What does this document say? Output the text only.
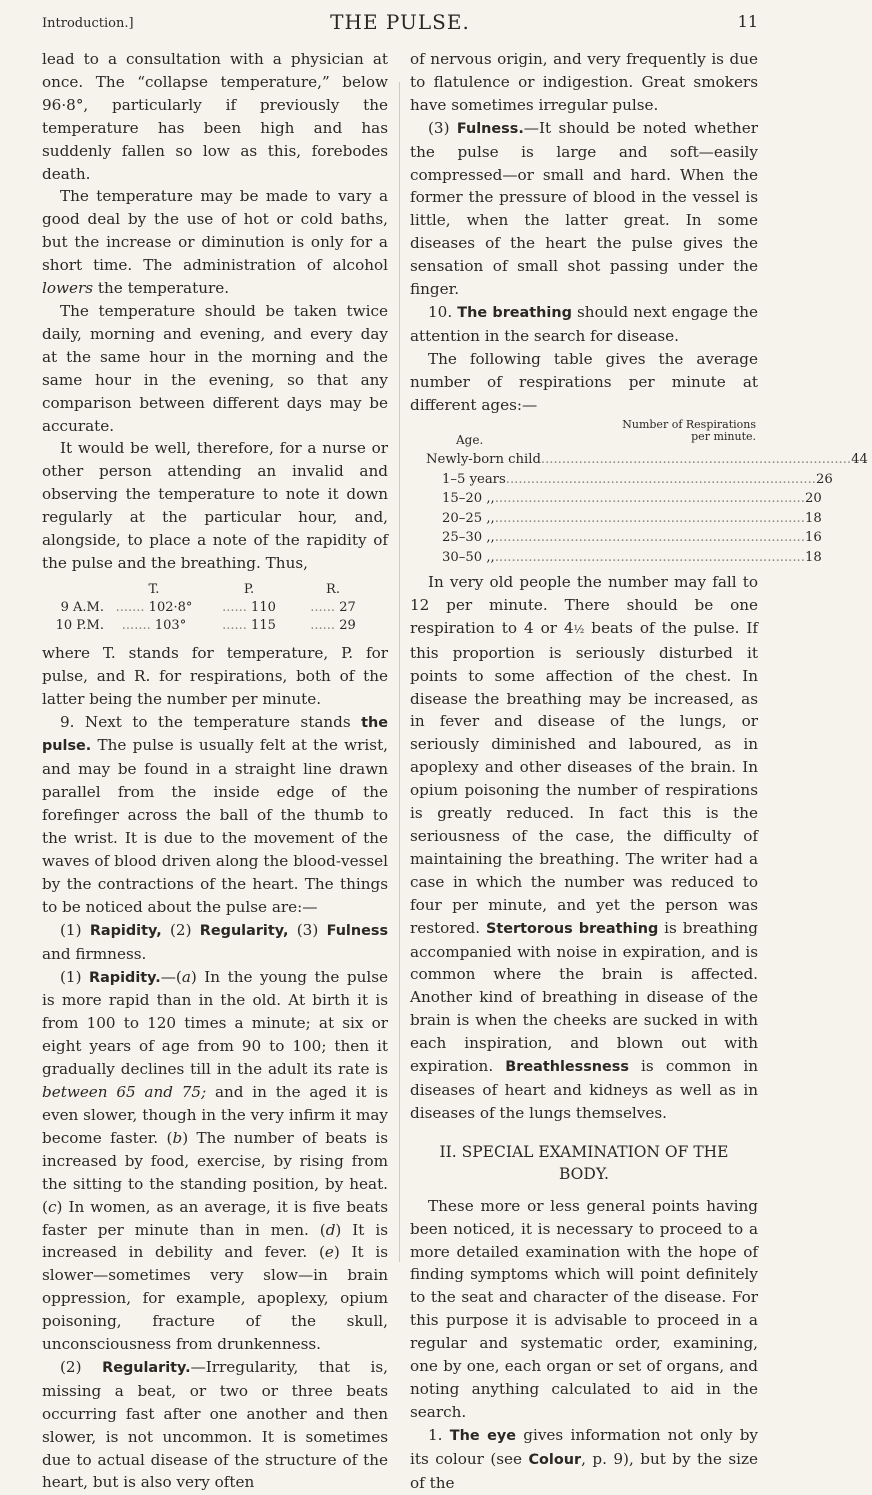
Introduction.]	THE PULSE.	11

lead to a consultation with a physician at once. The “collapse temperature,” below 96·8°, particularly if previously the temperature has been high and has suddenly fallen so low as this, forebodes death.

The temperature may be made to vary a good deal by the use of hot or cold baths, but the increase or diminution is only for a short time. The administration of alcohol lowers the temperature.

The temperature should be taken twice daily, morning and evening, and every day at the same hour in the morning and the same hour in the evening, so that any comparison between different days may be accurate.

It would be well, therefore, for a nurse or other person attending an invalid and observing the temperature to note it down regularly at the particular hour, and, alongside, to place a note of the rapidity of the pulse and the breathing. Thus,

	T.	P.	R.
9 A.M.	....... 102·8°	...... 110	...... 27
10 P.M.	....... 103°	...... 115	...... 29

where T. stands for temperature, P. for pulse, and R. for respirations, both of the latter being the number per minute.

9. Next to the temperature stands the pulse. The pulse is usually felt at the wrist, and may be found in a straight line drawn parallel from the inside edge of the forefinger across the ball of the thumb to the wrist. It is due to the movement of the waves of blood driven along the blood-vessel by the contractions of the heart. The things to be noticed about the pulse are:—

(1) Rapidity, (2) Regularity, (3) Fulness and firmness.

(1) Rapidity.—(a) In the young the pulse is more rapid than in the old. At birth it is from 100 to 120 times a minute; at six or eight years of age from 90 to 100; then it gradually declines till in the adult its rate is between 65 and 75; and in the aged it is even slower, though in the very infirm it may become faster. (b) The number of beats is increased by food, exercise, by rising from the sitting to the standing position, by heat. (c) In women, as an average, it is five beats faster per minute than in men. (d) It is increased in debility and fever. (e) It is slower—sometimes very slow—in brain oppression, for example, apoplexy, opium poisoning, fracture of the skull, unconsciousness from drunkenness.

(2) Regularity.—Irregularity, that is, missing a beat, or two or three beats occurring fast after one another and then slower, is not uncommon. It is sometimes due to actual disease of the structure of the heart, but is also very often

of nervous origin, and very frequently is due to flatulence or indigestion. Great smokers have sometimes irregular pulse.

(3) Fulness.—It should be noted whether the pulse is large and soft—easily compressed—or small and hard. When the former the pressure of blood in the vessel is little, when the latter great. In some diseases of the heart the pulse gives the sensation of small shot passing under the finger.

10. The breathing should next engage the attention in the search for disease.

The following table gives the average number of respirations per minute at different ages:—

Number of Respirations
Age.	per minute.
Newly-born child .......................................................................... 44
1–5 years .......................................................................... 26
15–20 ,, .......................................................................... 20
20–25 ,, .......................................................................... 18
25–30 ,, .......................................................................... 16
30–50 ,, .......................................................................... 18

In very old people the number may fall to 12 per minute. There should be one respiration to 4 or 4½ beats of the pulse. If this proportion is seriously disturbed it points to some affection of the chest. In disease the breathing may be increased, as in fever and disease of the lungs, or seriously diminished and laboured, as in apoplexy and other diseases of the brain. In opium poisoning the number of respirations is greatly reduced. In fact this is the seriousness of the case, the difficulty of maintaining the breathing. The writer had a case in which the number was reduced to four per minute, and yet the person was restored. Stertorous breathing is breathing accompanied with noise in expiration, and is common where the brain is affected. Another kind of breathing in disease of the brain is when the cheeks are sucked in with each inspiration, and blown out with expiration. Breathlessness is common in diseases of heart and kidneys as well as in diseases of the lungs themselves.

II. SPECIAL EXAMINATION OF THE
BODY.

These more or less general points having been noticed, it is necessary to proceed to a more detailed examination with the hope of finding symptoms which will point definitely to the seat and character of the disease. For this purpose it is advisable to proceed in a regular and systematic order, examining, one by one, each organ or set of organs, and noting anything calculated to aid in the search.

1. The eye gives information not only by its colour (see Colour, p. 9), but by the size of the
